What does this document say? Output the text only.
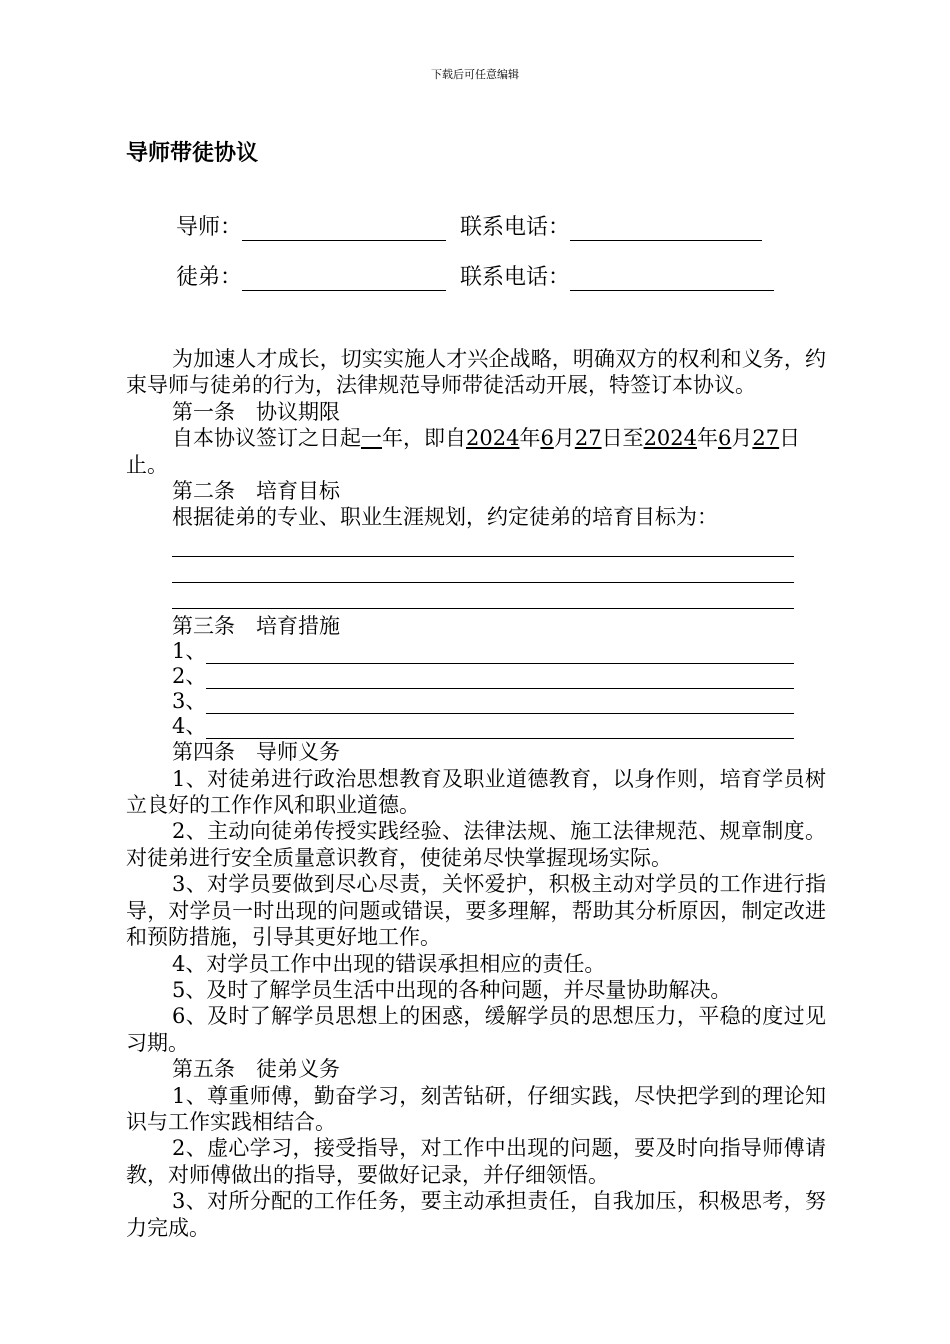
下载后可任意编辑
导师带徒协议
导师：	联系电话：
徒弟：	联系电话：

为加速人才成长，切实实施人才兴企战略，明确双方的权利和义务，约束导师与徒弟的行为，法律规范导师带徒活动开展，特签订本协议。

第一条　协议期限

自本协议签订之日起一年，即自2024年6月27日至2024年6月27日止。

第二条　培育目标

根据徒弟的专业、职业生涯规划，约定徒弟的培育目标为：

第三条　培育措施

1、
2、
3、
4、

第四条　导师义务

1、对徒弟进行政治思想教育及职业道德教育，以身作则，培育学员树立良好的工作作风和职业道德。

2、主动向徒弟传授实践经验、法律法规、施工法律规范、规章制度。对徒弟进行安全质量意识教育，使徒弟尽快掌握现场实际。

3、对学员要做到尽心尽责，关怀爱护，积极主动对学员的工作进行指导，对学员一时出现的问题或错误，要多理解，帮助其分析原因，制定改进和预防措施，引导其更好地工作。

4、对学员工作中出现的错误承担相应的责任。

5、及时了解学员生活中出现的各种问题，并尽量协助解决。

6、及时了解学员思想上的困惑，缓解学员的思想压力，平稳的度过见习期。

第五条　徒弟义务

1、尊重师傅，勤奋学习，刻苦钻研，仔细实践，尽快把学到的理论知识与工作实践相结合。

2、虚心学习，接受指导，对工作中出现的问题，要及时向指导师傅请教，对师傅做出的指导，要做好记录，并仔细领悟。

3、对所分配的工作任务，要主动承担责任，自我加压，积极思考，努力完成。
